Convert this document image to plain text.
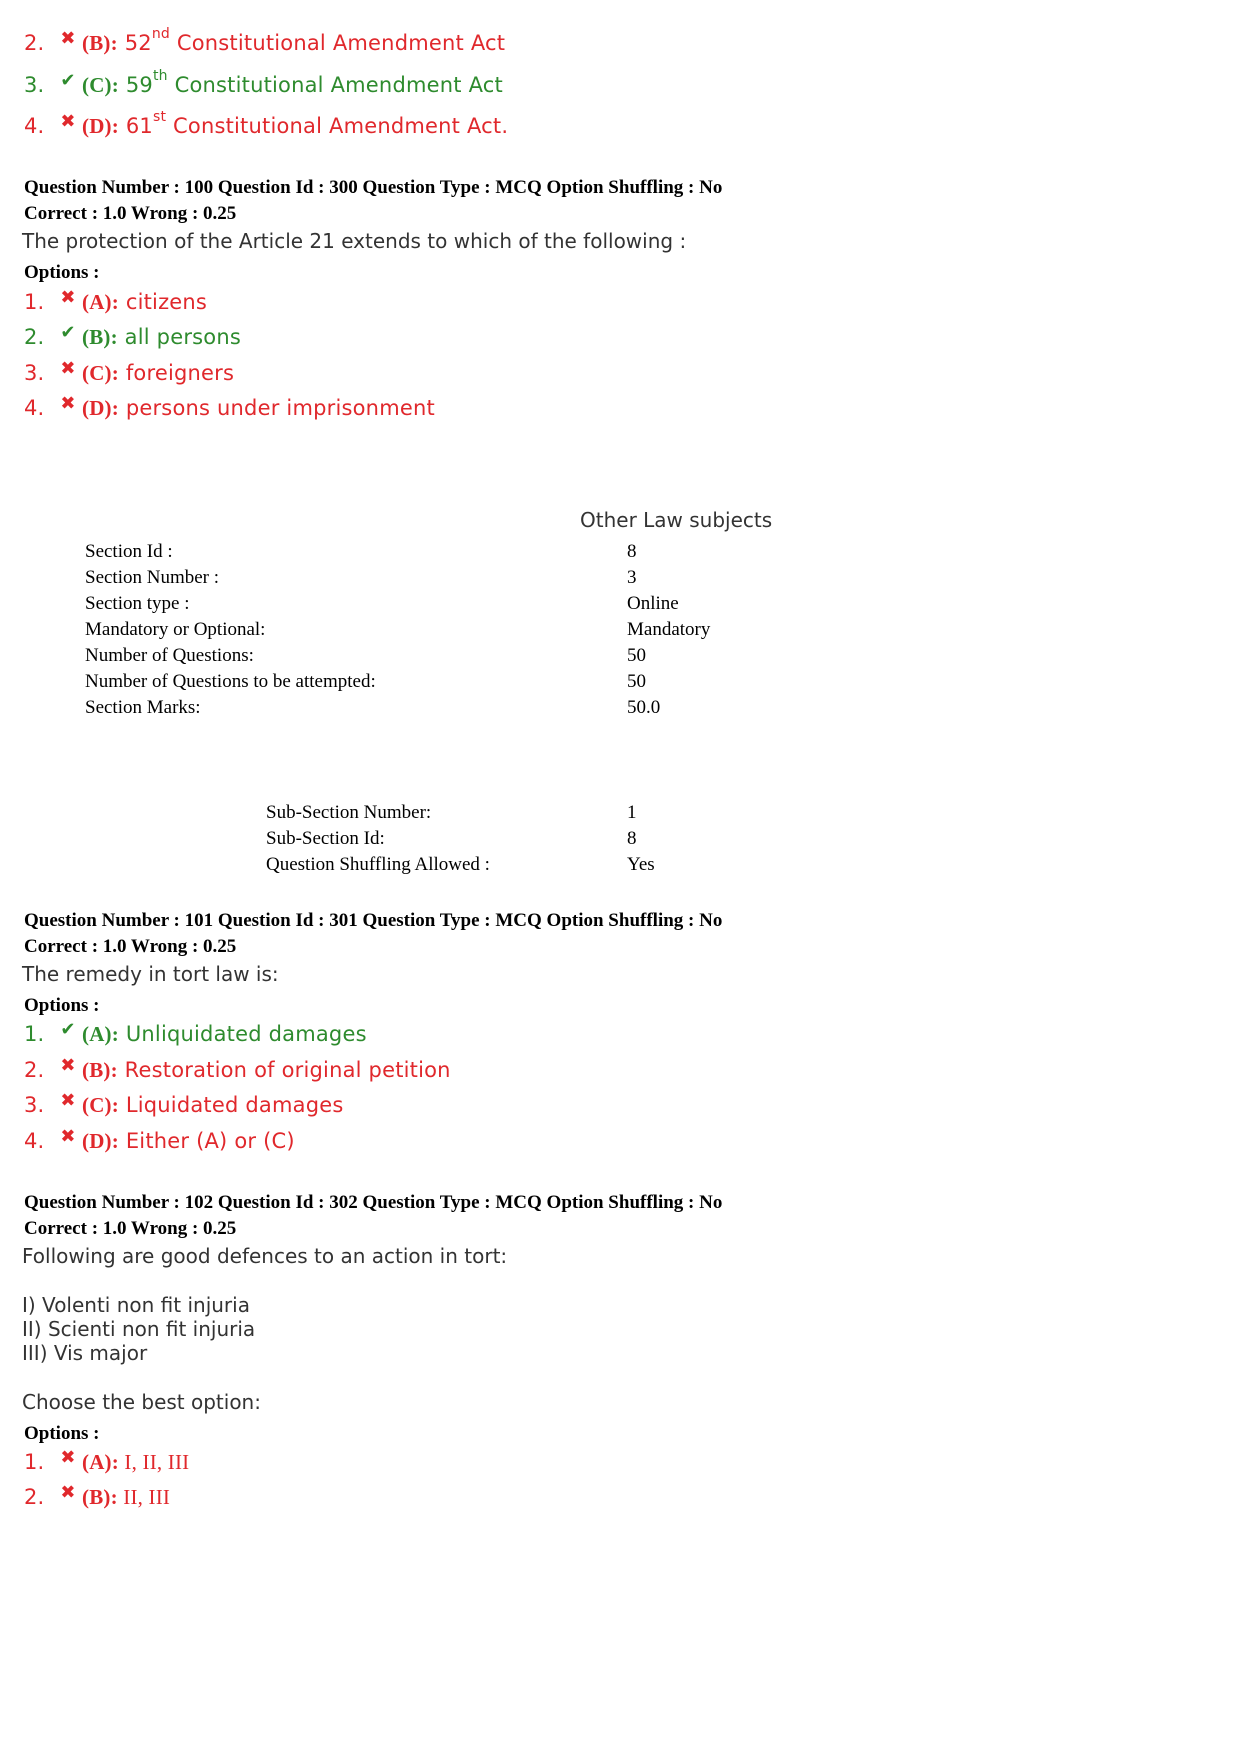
2. ✖ (B): 52nd Constitutional Amendment Act
3. ✔ (C): 59th Constitutional Amendment Act
4. ✖ (D): 61st Constitutional Amendment Act.
Question Number : 100 Question Id : 300 Question Type : MCQ Option Shuffling : No
Correct : 1.0 Wrong : 0.25
The protection of the Article 21 extends to which of the following :
Options :
1. ✖ (A): citizens
2. ✔ (B): all persons
3. ✖ (C): foreigners
4. ✖ (D): persons under imprisonment
Other Law subjects
Section Id :	8
Section Number :	3
Section type :	Online
Mandatory or Optional:	Mandatory
Number of Questions:	50
Number of Questions to be attempted:	50
Section Marks:	50.0
Sub-Section Number:	1
Sub-Section Id:	8
Question Shuffling Allowed :	Yes
Question Number : 101 Question Id : 301 Question Type : MCQ Option Shuffling : No
Correct : 1.0 Wrong : 0.25
The remedy in tort law is:
Options :
1. ✔ (A): Unliquidated damages
2. ✖ (B): Restoration of original petition
3. ✖ (C): Liquidated damages
4. ✖ (D): Either (A) or (C)
Question Number : 102 Question Id : 302 Question Type : MCQ Option Shuffling : No
Correct : 1.0 Wrong : 0.25
Following are good defences to an action in tort:
I) Volenti non fit injuria
II) Scienti non fit injuria
III) Vis major
Choose the best option:
Options :
1. ✖ (A): I, II, III
2. ✖ (B): II, III
